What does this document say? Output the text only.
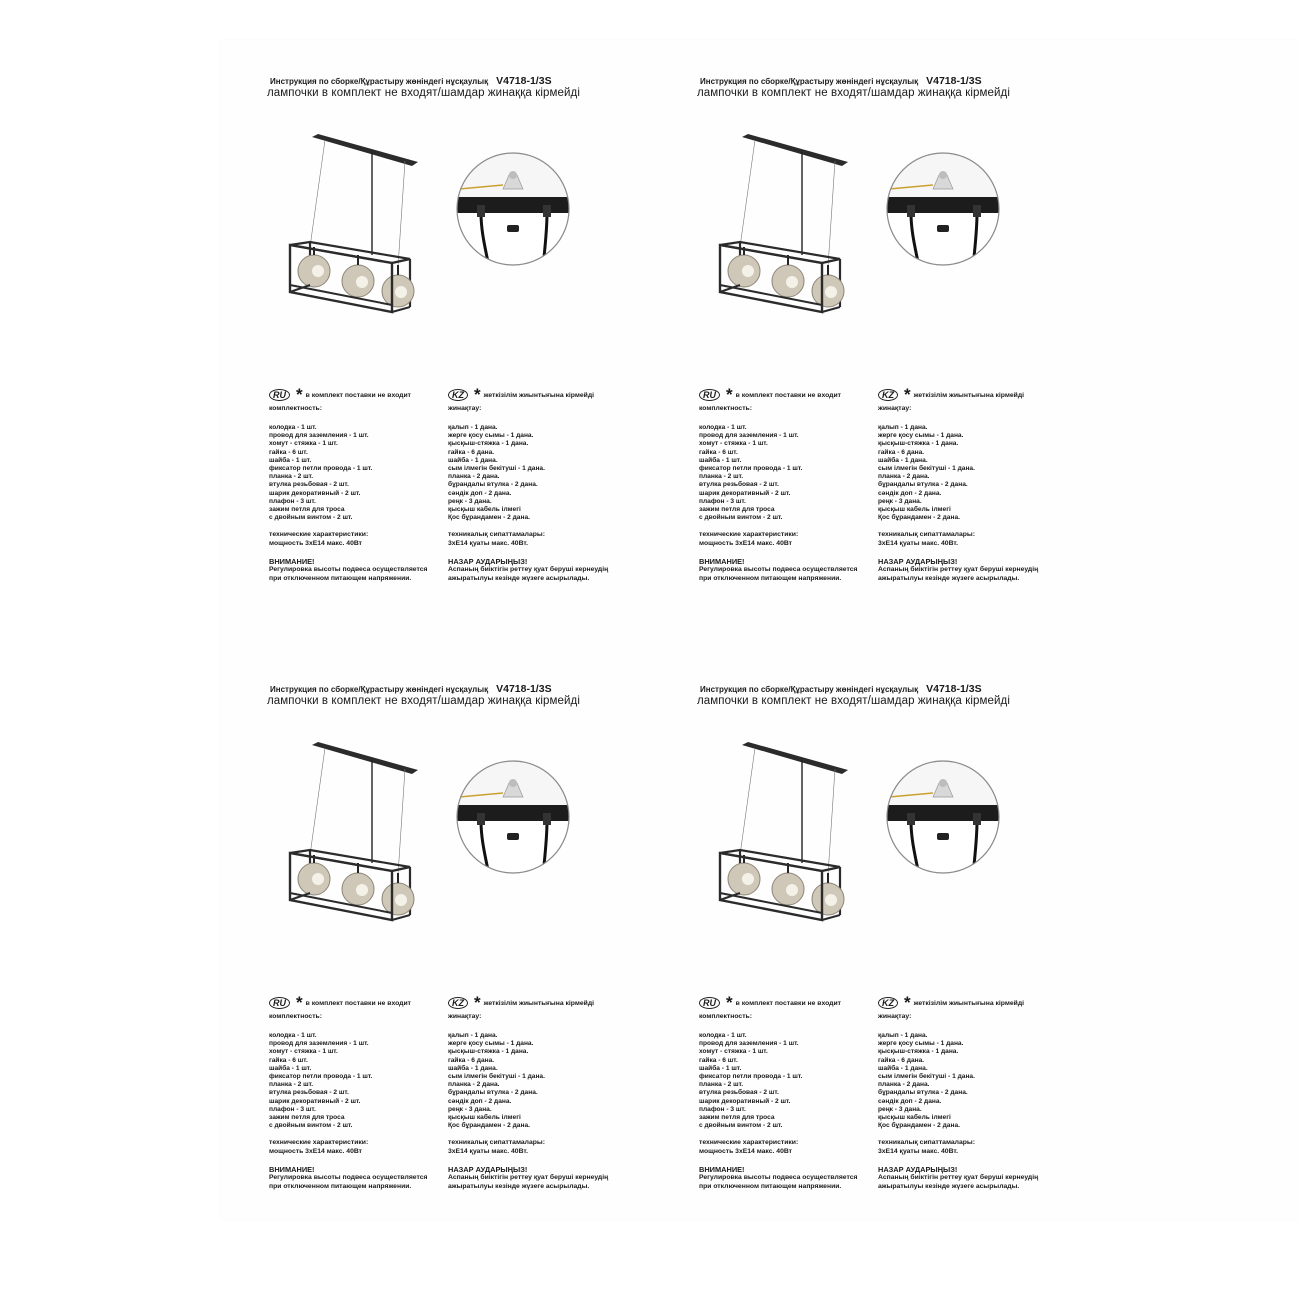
Инструкция по сборке/Құрастыру жөніндегі нұсқаулық V4718-1/3S
лампочки в комплект не входят/шамдар жинаққа кірмейді
RU * в комплект поставки не входит
комплектность:
колодка - 1 шт.
провод для заземления - 1 шт.
хомут - стяжка - 1 шт.
гайка - 6 шт.
шайба - 1 шт.
фиксатор петли провода - 1 шт.
планка - 2 шт.
втулка резьбовая - 2 шт.
шарик декоративный - 2 шт.
плафон - 3 шт.
зажим петля для троса
с двойным винтом - 2 шт.
технические характеристики:
мощность 3хЕ14 макс. 40Вт
ВНИМАНИЕ!
Регулировка высоты подвеса осуществляется
при отключенном питающем напряжении.
KZ * жеткізілім жиынтығына кірмейді
жинақтау:
қалып - 1 дана.
жерге қосу сымы - 1 дана.
қысқыш-стяжка - 1 дана.
гайка - 6 дана.
шайба - 1 дана.
сым ілмегін бекітуші - 1 дана.
планка - 2 дана.
бұрандалы втулка - 2 дана.
сәндік доп - 2 дана.
реңк - 3 дана.
қысқыш кабель ілмегі
Қос бұрандамен - 2 дана.
техникалық сипаттамалары:
3хЕ14 қуаты макс. 40Вт.
НАЗАР АУДАРЫҢЫЗ!
Аспаның биіктігін реттеу қуат беруші кернеудің
ажыратылуы кезінде жүзеге асырылады.
Инструкция по сборке/Құрастыру жөніндегі нұсқаулық V4718-1/3S
лампочки в комплект не входят/шамдар жинаққа кірмейді
RU * в комплект поставки не входит
комплектность:
колодка - 1 шт.
провод для заземления - 1 шт.
хомут - стяжка - 1 шт.
гайка - 6 шт.
шайба - 1 шт.
фиксатор петли провода - 1 шт.
планка - 2 шт.
втулка резьбовая - 2 шт.
шарик декоративный - 2 шт.
плафон - 3 шт.
зажим петля для троса
с двойным винтом - 2 шт.
технические характеристики:
мощность 3хЕ14 макс. 40Вт
ВНИМАНИЕ!
Регулировка высоты подвеса осуществляется
при отключенном питающем напряжении.
KZ * жеткізілім жиынтығына кірмейді
жинақтау:
қалып - 1 дана.
жерге қосу сымы - 1 дана.
қысқыш-стяжка - 1 дана.
гайка - 6 дана.
шайба - 1 дана.
сым ілмегін бекітуші - 1 дана.
планка - 2 дана.
бұрандалы втулка - 2 дана.
сәндік доп - 2 дана.
реңк - 3 дана.
қысқыш кабель ілмегі
Қос бұрандамен - 2 дана.
техникалық сипаттамалары:
3хЕ14 қуаты макс. 40Вт.
НАЗАР АУДАРЫҢЫЗ!
Аспаның биіктігін реттеу қуат беруші кернеудің
ажыратылуы кезінде жүзеге асырылады.
Инструкция по сборке/Құрастыру жөніндегі нұсқаулық V4718-1/3S
лампочки в комплект не входят/шамдар жинаққа кірмейді
RU * в комплект поставки не входит
комплектность:
колодка - 1 шт.
провод для заземления - 1 шт.
хомут - стяжка - 1 шт.
гайка - 6 шт.
шайба - 1 шт.
фиксатор петли провода - 1 шт.
планка - 2 шт.
втулка резьбовая - 2 шт.
шарик декоративный - 2 шт.
плафон - 3 шт.
зажим петля для троса
с двойным винтом - 2 шт.
технические характеристики:
мощность 3хЕ14 макс. 40Вт
ВНИМАНИЕ!
Регулировка высоты подвеса осуществляется
при отключенном питающем напряжении.
KZ * жеткізілім жиынтығына кірмейді
жинақтау:
қалып - 1 дана.
жерге қосу сымы - 1 дана.
қысқыш-стяжка - 1 дана.
гайка - 6 дана.
шайба - 1 дана.
сым ілмегін бекітуші - 1 дана.
планка - 2 дана.
бұрандалы втулка - 2 дана.
сәндік доп - 2 дана.
реңк - 3 дана.
қысқыш кабель ілмегі
Қос бұрандамен - 2 дана.
техникалық сипаттамалары:
3хЕ14 қуаты макс. 40Вт.
НАЗАР АУДАРЫҢЫЗ!
Аспаның биіктігін реттеу қуат беруші кернеудің
ажыратылуы кезінде жүзеге асырылады.
Инструкция по сборке/Құрастыру жөніндегі нұсқаулық V4718-1/3S
лампочки в комплект не входят/шамдар жинаққа кірмейді
RU * в комплект поставки не входит
комплектность:
колодка - 1 шт.
провод для заземления - 1 шт.
хомут - стяжка - 1 шт.
гайка - 6 шт.
шайба - 1 шт.
фиксатор петли провода - 1 шт.
планка - 2 шт.
втулка резьбовая - 2 шт.
шарик декоративный - 2 шт.
плафон - 3 шт.
зажим петля для троса
с двойным винтом - 2 шт.
технические характеристики:
мощность 3хЕ14 макс. 40Вт
ВНИМАНИЕ!
Регулировка высоты подвеса осуществляется
при отключенном питающем напряжении.
KZ * жеткізілім жиынтығына кірмейді
жинақтау:
қалып - 1 дана.
жерге қосу сымы - 1 дана.
қысқыш-стяжка - 1 дана.
гайка - 6 дана.
шайба - 1 дана.
сым ілмегін бекітуші - 1 дана.
планка - 2 дана.
бұрандалы втулка - 2 дана.
сәндік доп - 2 дана.
реңк - 3 дана.
қысқыш кабель ілмегі
Қос бұрандамен - 2 дана.
техникалық сипаттамалары:
3хЕ14 қуаты макс. 40Вт.
НАЗАР АУДАРЫҢЫЗ!
Аспаның биіктігін реттеу қуат беруші кернеудің
ажыратылуы кезінде жүзеге асырылады.
